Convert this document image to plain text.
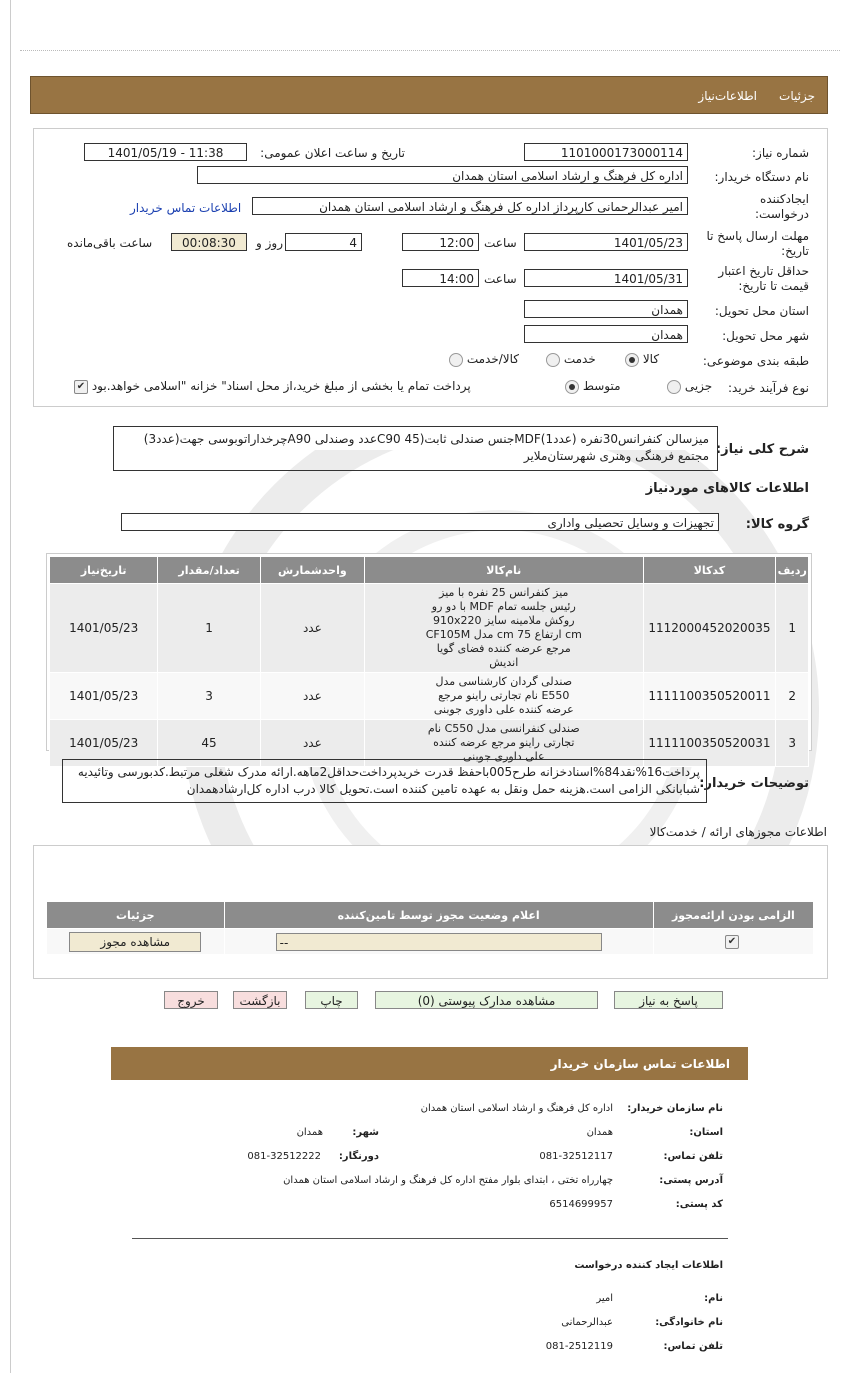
جزئیات
اطلاعات‌نیاز
شماره نیاز:
1101000173000114
تاریخ و ساعت اعلان عمومی:
1401/05/19 - 11:38
نام دستگاه خریدار:
اداره کل فرهنگ و ارشاد اسلامی استان همدان
ایجادکننده درخواست:
امیر عبدالرحمانی کارپرداز اداره کل فرهنگ و ارشاد اسلامی استان همدان
اطلاعات تماس خریدار
مهلت ارسال پاسخ تا تاریخ:
1401/05/23
ساعت
12:00
4
روز و
00:08:30
ساعت باقی‌مانده
حداقل تاریخ اعتبار قیمت تا تاریخ:
1401/05/31
ساعت
14:00
استان محل تحویل:
همدان
شهر محل تحویل:
همدان
طبقه بندی موضوعی:
کالا
خدمت
کالا/خدمت
نوع فرآیند خرید:
جزیی
متوسط
پرداخت تمام یا بخشی از مبلغ خرید،از محل اسناد" خزانه "اسلامی خواهد.بود ✔
شرح کلی نیاز:
میزسالن کنفرانس30نفره (عدد1)MDFجنس صندلی ثابت(C90 45عدد وصندلی A90چرخداراتوبوسی جهت(عدد3) مجتمع فرهنگی وهنری شهرستان‌ملایر
اطلاعات کالاهای مورد‌نیاز
گروه کالا:
تجهیزات و وسایل تحصیلی واداری
ردیف	کدکالا	نام‌کالا	واحدشمارش	تعداد/مقدار	تاریخ‌نیاز
1	1112000452020035	میز کنفرانس 25 نفره با میز رئیس جلسه تمام MDF با دو رو روکش ملامینه سایز 910x220 cm ارتفاع 75 cm مدل CF105M مرجع عرضه کننده فضای گویا اندیش	عدد	1	1401/05/23
2	1111100350520011	صندلی گردان کارشناسی مدل E550 نام تجارتی راینو مرجع عرضه کننده علی داوری جوبنی	عدد	3	1401/05/23
3	1111100350520031	صندلی کنفرانسی مدل C550 نام تجارتی راینو مرجع عرضه کننده علی داوری جوبنی	عدد	45	1401/05/23
توضیحات خریدار:
پرداخت16%نقد84%اسنادخزانه طرح005باحفظ قدرت خریدپرداخت‌حداقل2ماهه.ارائه مدرک شغلی مرتبط.کدبورسی وتائیدیه شبابانکی الزامی است.هزینه حمل ونقل به عهده تامین کننده است.تحویل کالا درب اداره کل‌ارشادهمدان
اطلاعات مجوزهای ارائه / خدمت‌کالا
الزامی بودن ارائه‌مجوز	اعلام وضعیت مجوز توسط تامین‌کننده	جزئیات
✔	--	مشاهده مجوز
پاسخ به نیاز
مشاهده مدارک پیوستی (0)
چاپ
بازگشت
خروج
اطلاعات تماس سازمان خریدار
نام سازمان خریدار:
اداره کل فرهنگ و ارشاد اسلامی استان همدان
استان:
همدان
شهر:
همدان
تلفن تماس:
081-32512117
دورنگار:
081-32512222
آدرس پستی:
چهارراه تختی ، ابتدای بلوار مفتح اداره کل فرهنگ و ارشاد اسلامی استان همدان
کد پستی:
6514699957
اطلاعات ایجاد کننده درخواست
نام:
امیر
نام خانوادگی:
عبدالرحمانی
تلفن تماس:
081-2512119
